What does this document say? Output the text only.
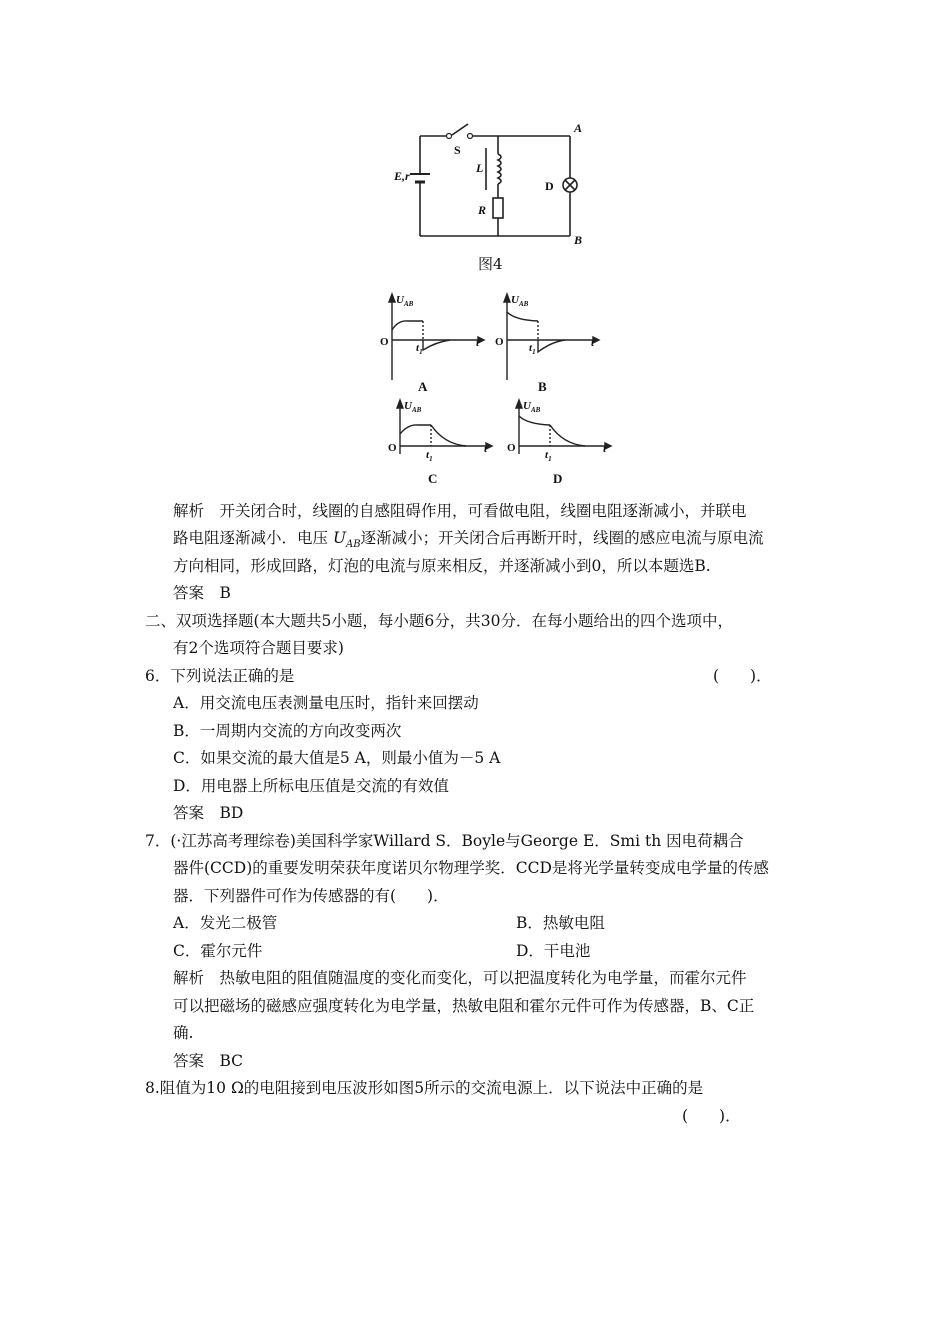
A
B
S
L
R
D
E,r
图4
$U_{AB}$
O	t
$t_1$
A
$U_{AB}$
O	t
$t_1$
B
$U_{AB}$
O	t
$t_1$
C
$U_{AB}$
O	t
$t_1$
D
解析　开关闭合时，线圈的自感阻碍作用，可看做电阻，线圈电阻逐渐减小，并联电
路电阻逐渐减小．电压 $U_{AB}$逐渐减小；开关闭合后再断开时，线圈的感应电流与原电流
方向相同，形成回路，灯泡的电流与原来相反，并逐渐减小到0，所以本题选B.
答案　B
二、双项选择题(本大题共5小题，每小题6分，共30分．在每小题给出的四个选项中，
有2个选项符合题目要求)
6．下列说法正确的是	(　　)．
A．用交流电压表测量电压时，指针来回摆动
B．一周期内交流的方向改变两次
C．如果交流的最大值是5 A，则最小值为－5 A
D．用电器上所标电压值是交流的有效值
答案　BD
7．(·江苏高考理综卷)美国科学家Willard S．Boyle与George E．Smi th 因电荷耦合
器件(CCD)的重要发明荣获年度诺贝尔物理学奖．CCD是将光学量转变成电学量的传感
器．下列器件可作为传感器的有(　　)．
A．发光二极管	B．热敏电阻
C．霍尔元件	D．干电池
解析　热敏电阻的阻值随温度的变化而变化，可以把温度转化为电学量，而霍尔元件
可以把磁场的磁感应强度转化为电学量，热敏电阻和霍尔元件可作为传感器，B、C正
确.
答案　BC
8.阻值为10 Ω的电阻接到电压波形如图5所示的交流电源上．以下说法中正确的是
(　　)．
